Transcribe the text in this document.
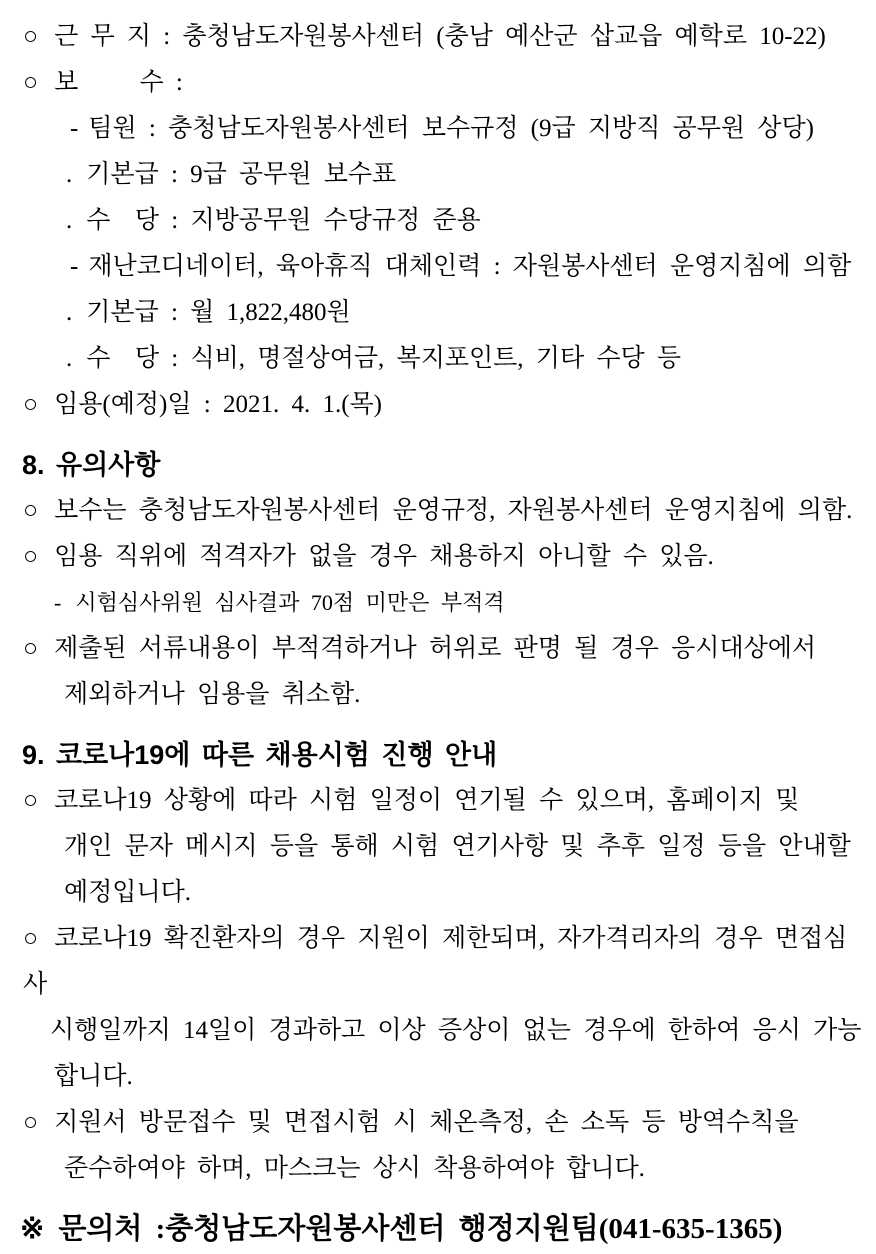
○ 근 무 지 : 충청남도자원봉사센터 (충남 예산군 삽교읍 예학로 10-22)
○ 보     수 :
- 팀원 : 충청남도자원봉사센터 보수규정 (9급 지방직 공무원 상당)
. 기본급 : 9급 공무원 보수표
. 수  당 : 지방공무원 수당규정 준용
- 재난코디네이터, 육아휴직 대체인력 : 자원봉사센터 운영지침에 의함
. 기본급 : 월 1,822,480원
. 수  당 : 식비, 명절상여금, 복지포인트, 기타 수당 등
○ 임용(예정)일 : 2021. 4. 1.(목)
8. 유의사항
○ 보수는 충청남도자원봉사센터 운영규정, 자원봉사센터 운영지침에 의함.
○ 임용 직위에 적격자가 없을 경우 채용하지 아니할 수 있음.
- 시험심사위원 심사결과 70점 미만은 부적격
○ 제출된 서류내용이 부적격하거나 허위로 판명 될 경우 응시대상에서
제외하거나 임용을 취소함.
9. 코로나19에 따른 채용시험 진행 안내
○ 코로나19 상황에 따라 시험 일정이 연기될 수 있으며, 홈페이지 및
개인 문자 메시지 등을 통해 시험 연기사항 및 추후 일정 등을 안내할
예정입니다.
○ 코로나19 확진환자의 경우 지원이 제한되며, 자가격리자의 경우 면접심사
시행일까지 14일이 경과하고 이상 증상이 없는 경우에 한하여 응시 가능
합니다.
○ 지원서 방문접수 및 면접시험 시 체온측정, 손 소독 등 방역수칙을
준수하여야 하며, 마스크는 상시 착용하여야 합니다.
※ 문의처 :충청남도자원봉사센터 행정지원팀(041-635-1365)
